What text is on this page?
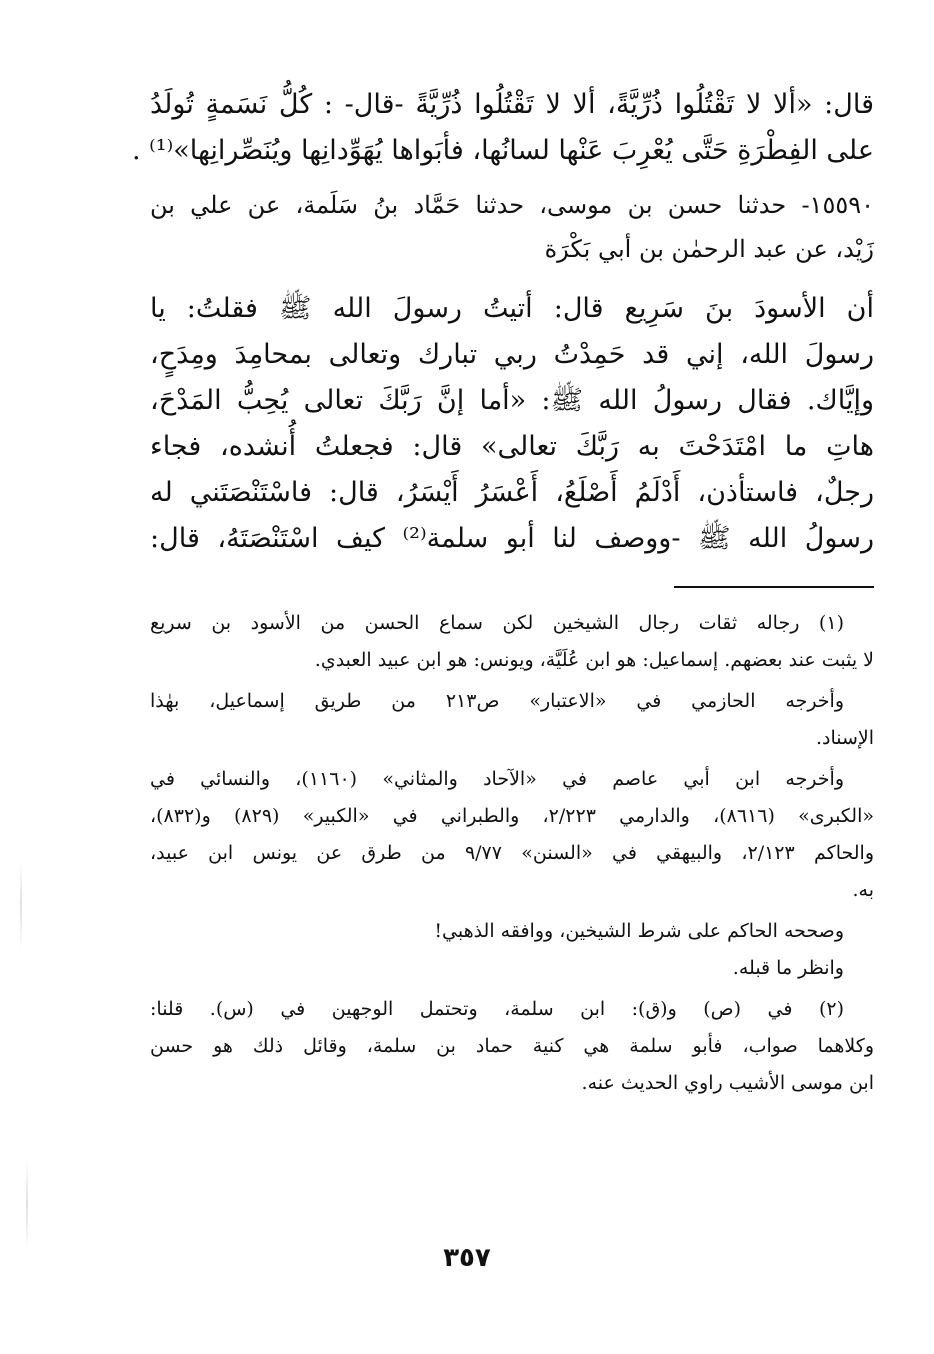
قال: «ألا لا تَقْتُلُوا ذُرِّيَّةً، ألا لا تَقْتُلُوا ذُرِّيَّةً -قال- : كُلُّ نَسَمةٍ تُولَدُ
على الفِطْرَةِ حَتَّى يُعْرِبَ عَنْها لسانُها، فأبَواها يُهَوِّدانِها ويُنَصِّرانِها»⁽¹⁾ .
١٥٥٩٠- حدثنا حسن بن موسى، حدثنا حَمَّاد بنُ سَلَمة، عن علي بن
زَيْد، عن عبد الرحمٰن بن أبي بَكْرَة
أن الأسودَ بنَ سَرِيع قال: أتيتُ رسولَ الله ﷺ فقلتُ: يا
رسولَ الله، إني قد حَمِدْتُ ربي تبارك وتعالى بمحامِدَ ومِدَحٍ،
وإيَّاك. فقال رسولُ الله ﷺ: «أما إنَّ رَبَّكَ تعالى يُحِبُّ المَدْحَ،
هاتِ ما امْتَدَحْتَ به رَبَّكَ تعالى» قال: فجعلتُ أُنشده، فجاء
رجلٌ، فاستأذن، أَدْلَمُ أَصْلَعُ، أَعْسَرُ أَيْسَرُ، قال: فاسْتَنْصَتَني له
رسولُ الله ﷺ -ووصف لنا أبو سلمة⁽²⁾ كيف اسْتَنْصَتَهُ، قال:
(١) رجاله ثقات رجال الشيخين لكن سماع الحسن من الأسود بن سريع
لا يثبت عند بعضهم. إسماعيل: هو ابن عُلَيَّة، ويونس: هو ابن عبيد العبدي.
وأخرجه الحازمي في «الاعتبار» ص٢١٣ من طريق إسماعيل، بهٰذا
الإسناد.
وأخرجه ابن أبي عاصم في «الآحاد والمثاني» (١١٦٠)، والنسائي في
«الكبرى» (٨٦١٦)، والدارمي ٢/٢٢٣، والطبراني في «الكبير» (٨٢٩) و(٨٣٢)،
والحاكم ٢/١٢٣، والبيهقي في «السنن» ٩/٧٧ من طرق عن يونس ابن عبيد،
به.
وصححه الحاكم على شرط الشيخين، ووافقه الذهبي!
وانظر ما قبله.
(٢) في (ص) و(ق): ابن سلمة، وتحتمل الوجهين في (س). قلنا:
وكلاهما صواب، فأبو سلمة هي كنية حماد بن سلمة، وقائل ذلك هو حسن
ابن موسى الأشيب راوي الحديث عنه.
٣٥٧
